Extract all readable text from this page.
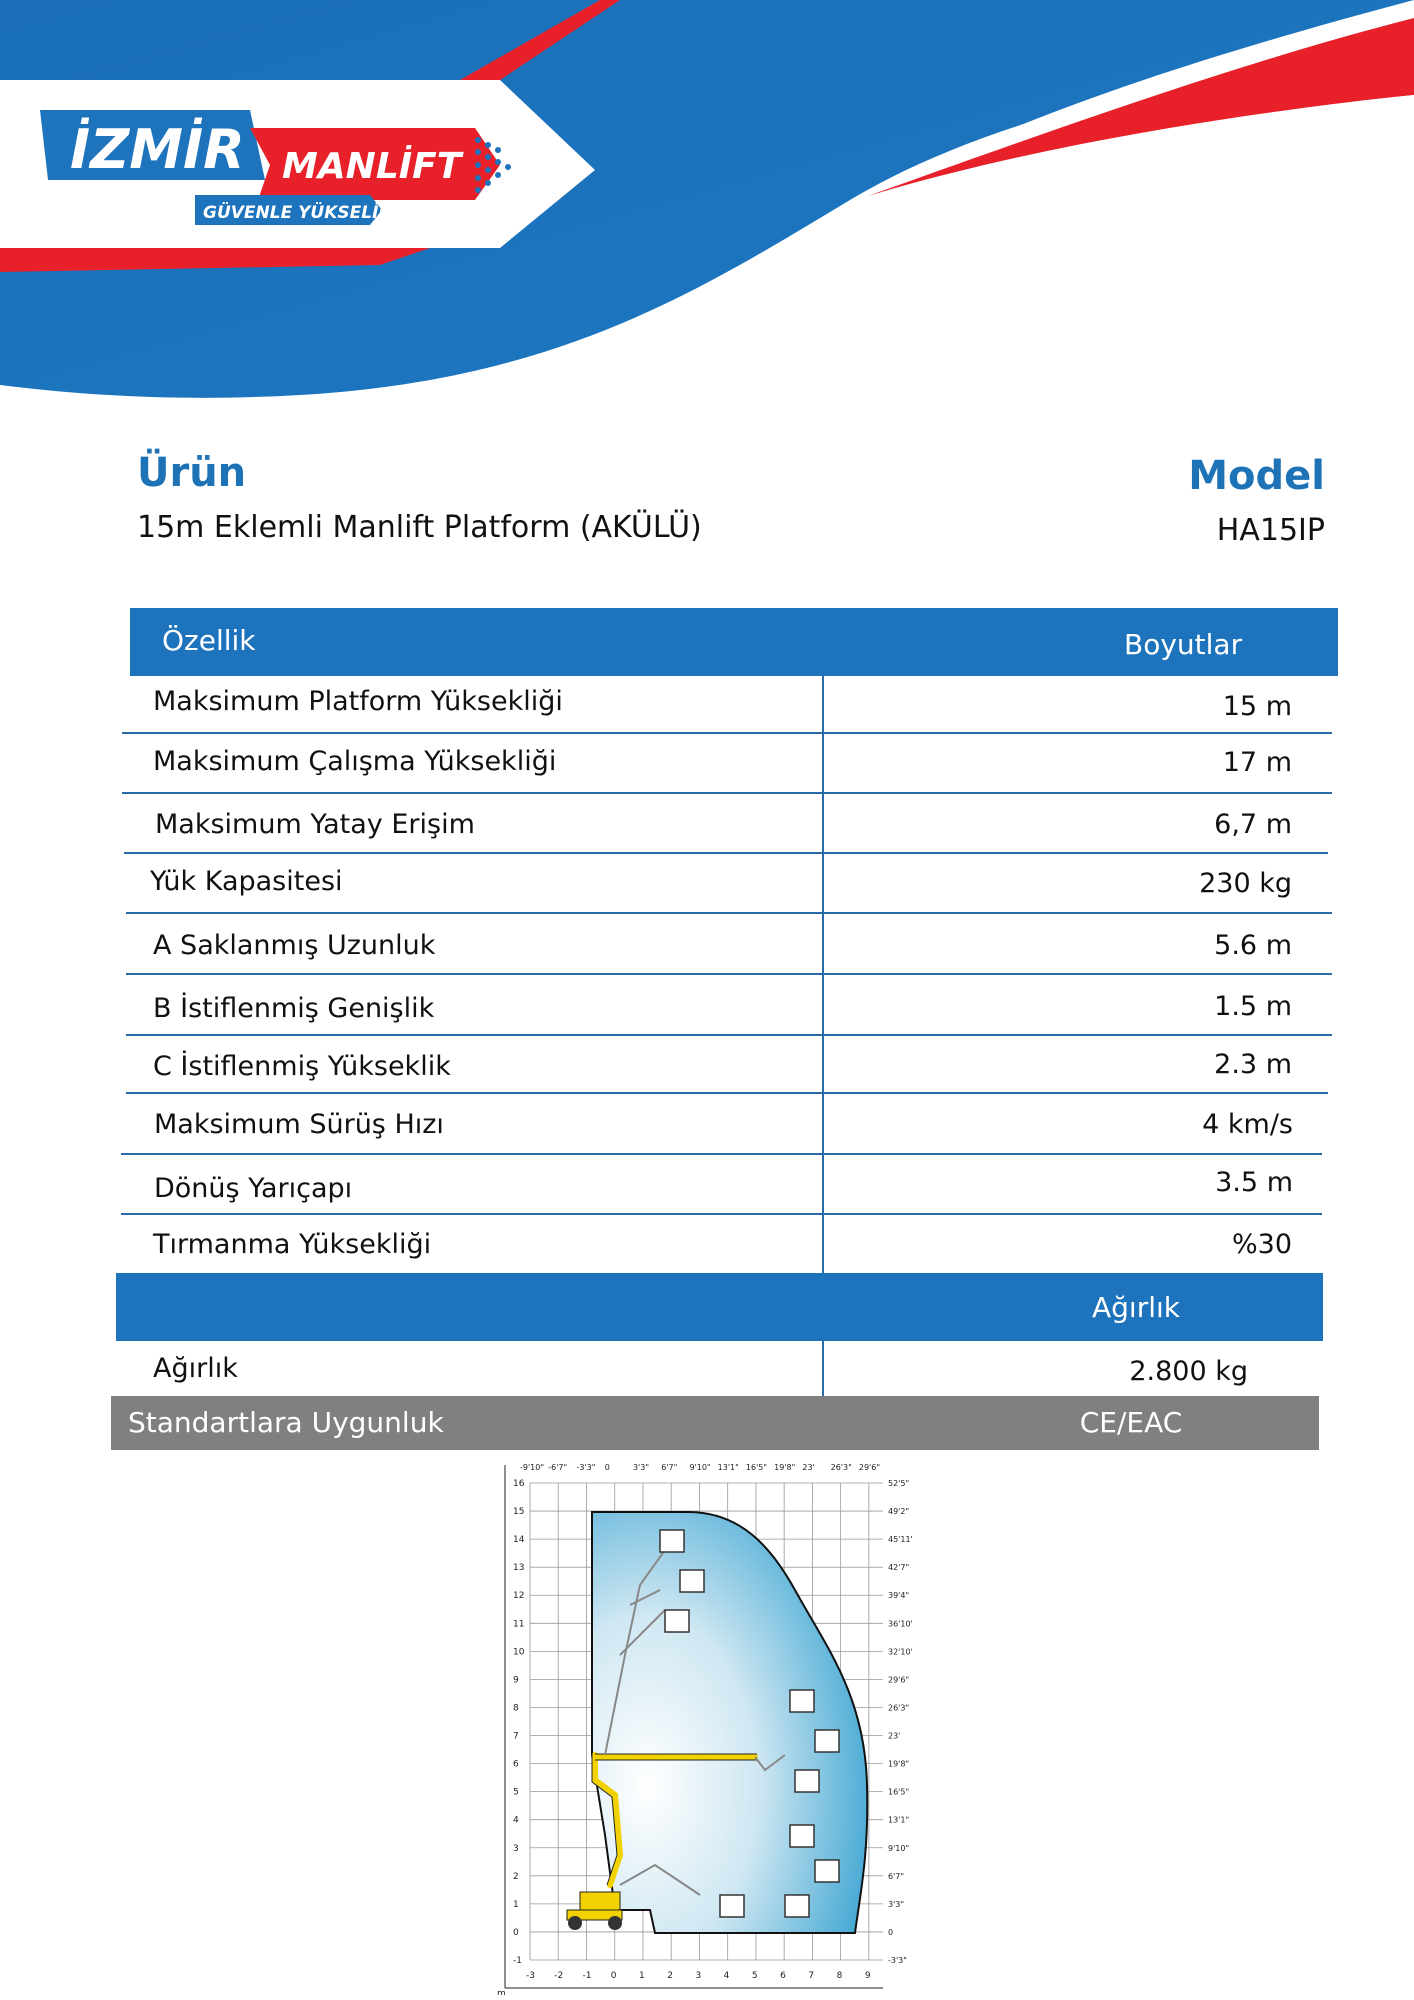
İZMİR MANLİFT
GÜVENLE YÜKSELİN
Ürün
15m Eklemli Manlift Platform (AKÜLÜ)
Model
HA15IP
Özellik	Boyutlar
Maksimum Platform Yüksekliği	15 m
Maksimum Çalışma Yüksekliği	17 m
Maksimum Yatay Erişim	6,7 m
Yük Kapasitesi	230 kg
A Saklanmış Uzunluk	5.6 m
B İstiflenmiş Genişlik	1.5 m
C İstiflenmiş Yükseklik	2.3 m
Maksimum Sürüş Hızı	4 km/s
Dönüş Yarıçapı	3.5 m
Tırmanma Yüksekliği	%30
Ağırlık
Ağırlık	2.800 kg
Standartlara Uygunluk	CE/EAC
-3
-9'10"
-2
-6'7"
-1
-3'3"
0
0
1
3'3"
2
6'7"
3
9'10"
4
13'1"
5
16'5"
6
19'8"
7
23'
8
26'3"
9
29'6"
16	52'5"
15	49'2"
14	45'11'
13	42'7"
12	39'4"
11	36'10'
10	32'10'
9	29'6"
8	26'3"
7	23'
6	19'8"
5	16'5"
4	13'1"
3	9'10"
2	6'7"
1	3'3"
0	0
-1	-3'3"
m
